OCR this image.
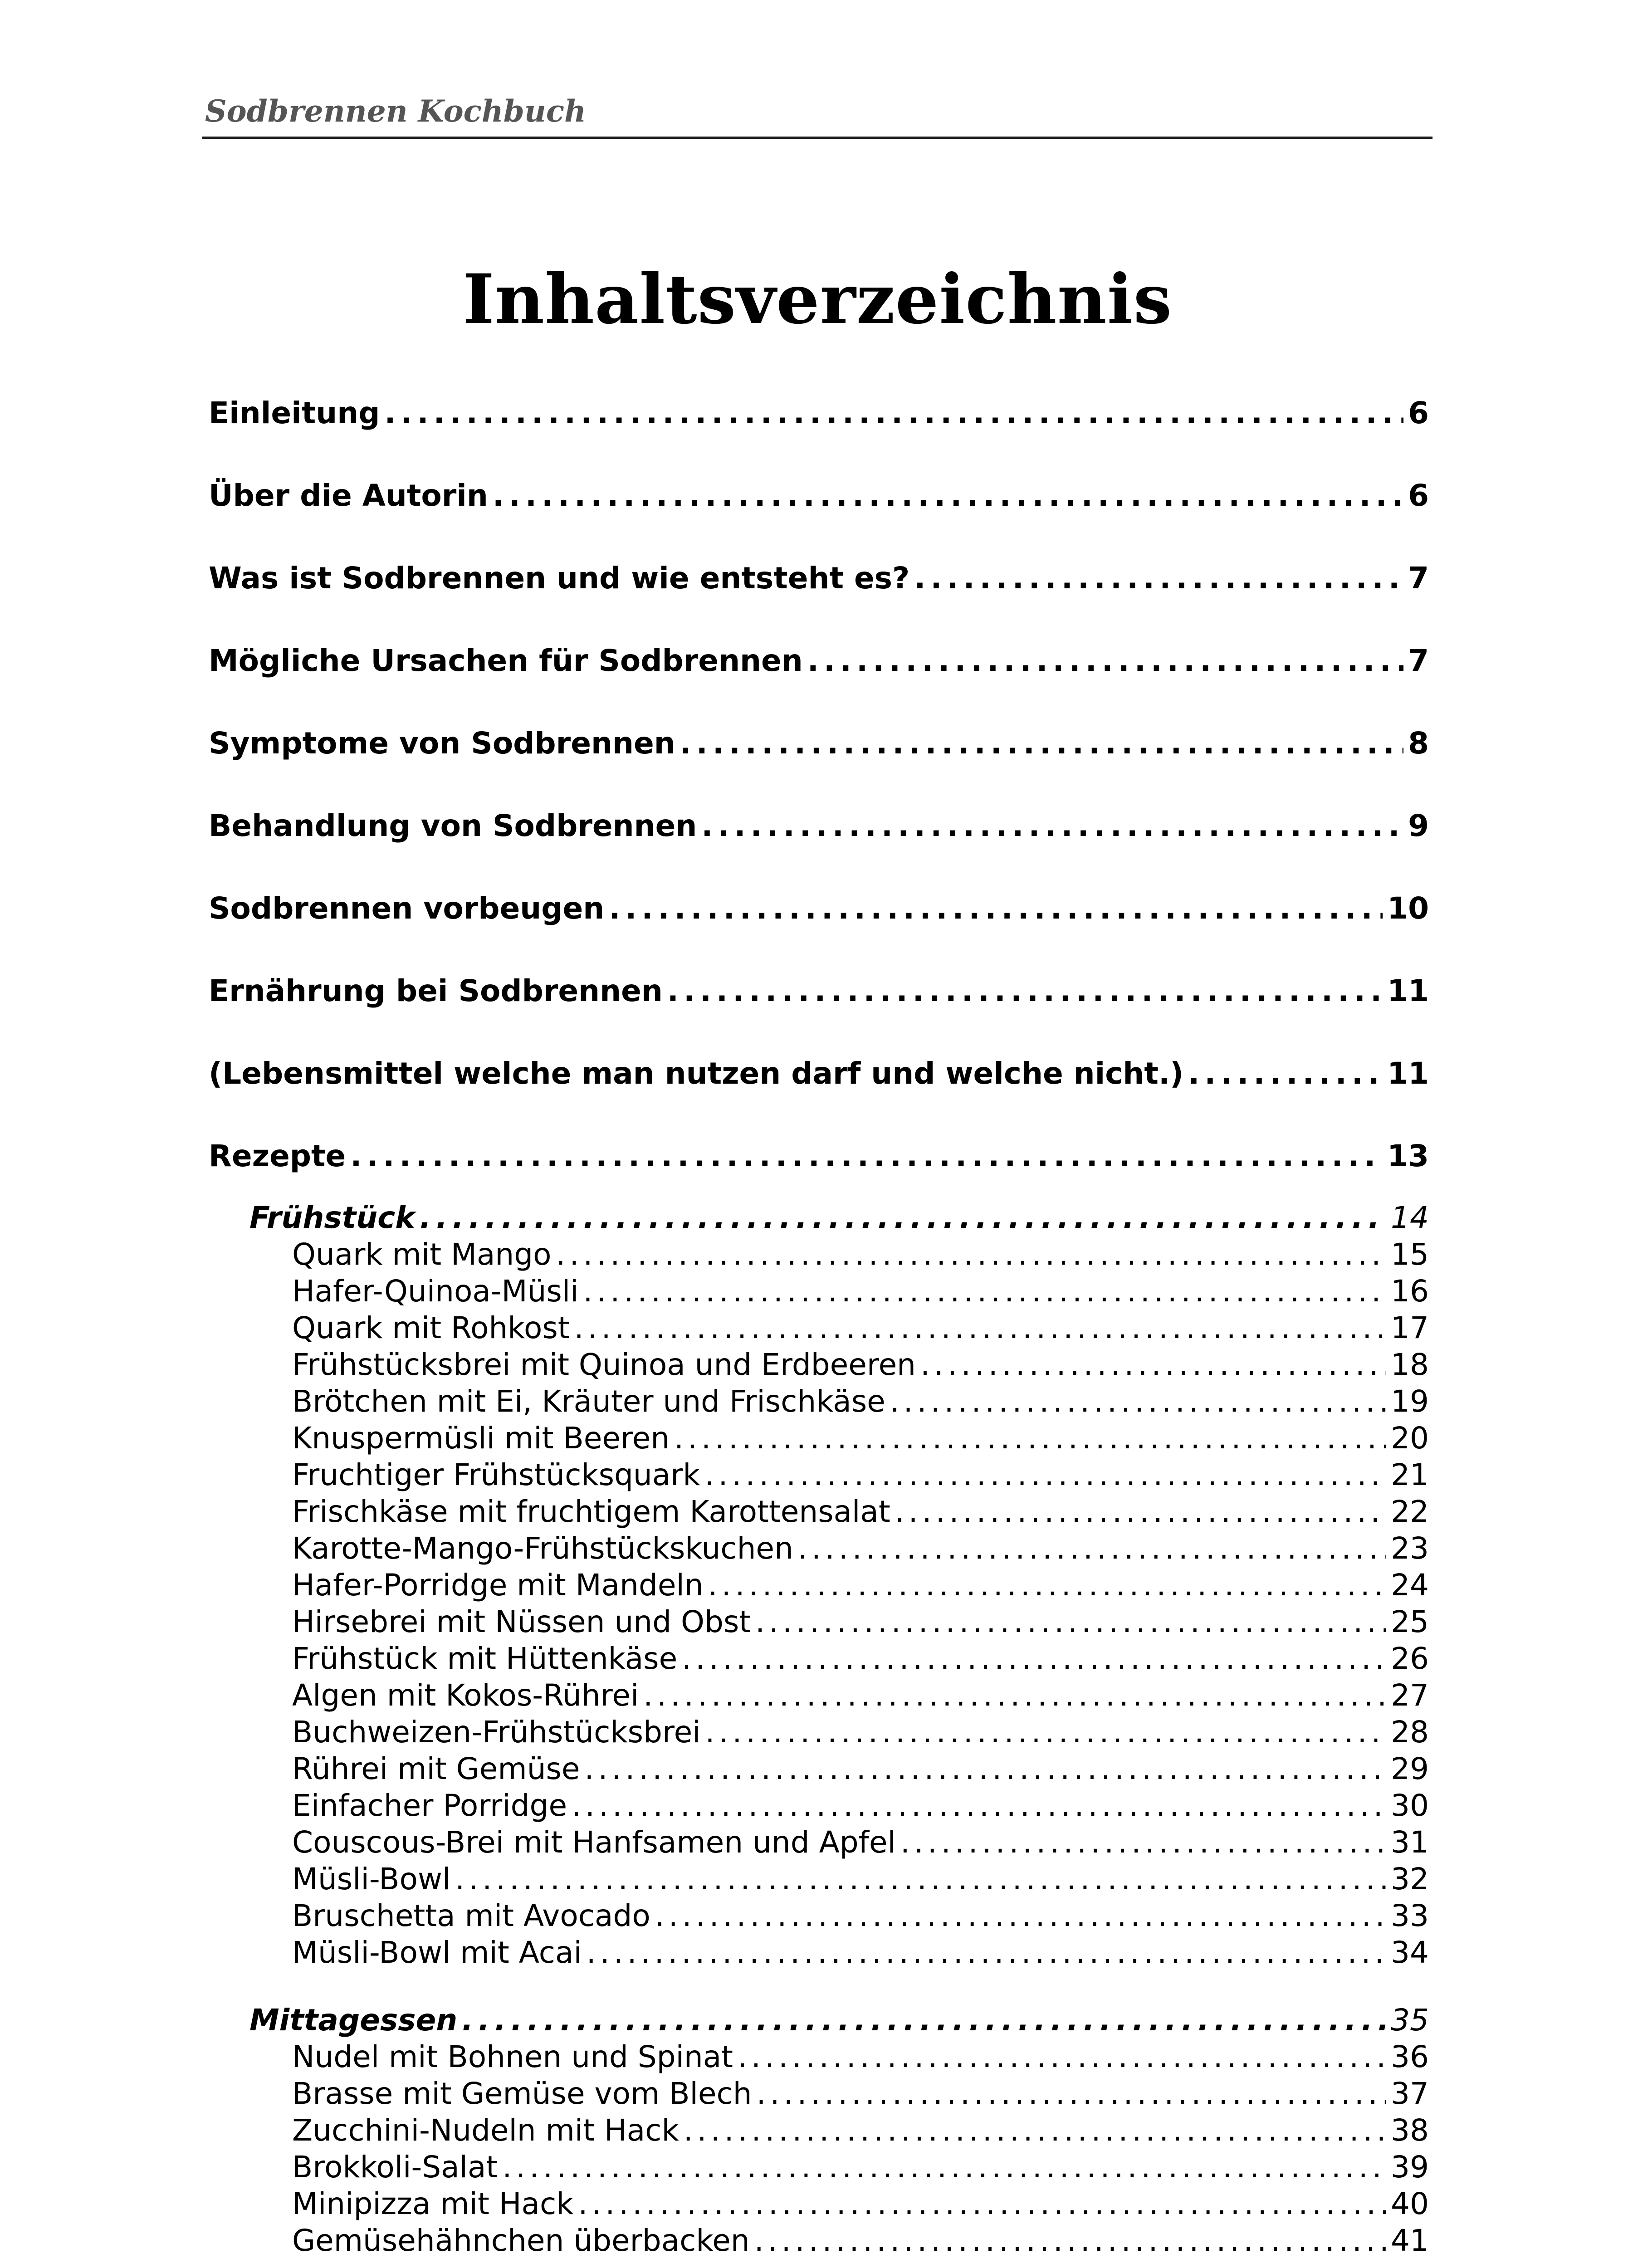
Sodbrennen Kochbuch
Inhaltsverzeichnis
Einleitung . . .	6
Über die Autorin . . .	6
Was ist Sodbrennen und wie entsteht es? . . .	7
Mögliche Ursachen für Sodbrennen . . .	7
Symptome von Sodbrennen . . .	8
Behandlung von Sodbrennen . . .	9
Sodbrennen vorbeugen . . .	10
Ernährung bei Sodbrennen . . .	11
(Lebensmittel welche man nutzen darf und welche nicht.) . . .	11
Rezepte . . .	13
Frühstück . . .	14
Quark mit Mango . . .	15
Hafer-Quinoa-Müsli . . .	16
Quark mit Rohkost . . .	17
Frühstücksbrei mit Quinoa und Erdbeeren . . .	18
Brötchen mit Ei, Kräuter und Frischkäse . . .	19
Knuspermüsli mit Beeren . . .	20
Fruchtiger Frühstücksquark . . .	21
Frischkäse mit fruchtigem Karottensalat . . .	22
Karotte-Mango-Frühstückskuchen . . .	23
Hafer-Porridge mit Mandeln . . .	24
Hirsebrei mit Nüssen und Obst . . .	25
Frühstück mit Hüttenkäse . . .	26
Algen mit Kokos-Rührei . . .	27
Buchweizen-Frühstücksbrei . . .	28
Rührei mit Gemüse . . .	29
Einfacher Porridge . . .	30
Couscous-Brei mit Hanfsamen und Apfel . . .	31
Müsli-Bowl . . .	32
Bruschetta mit Avocado . . .	33
Müsli-Bowl mit Acai . . .	34
Mittagessen . . .	35
Nudel mit Bohnen und Spinat . . .	36
Brasse mit Gemüse vom Blech . . .	37
Zucchini-Nudeln mit Hack . . .	38
Brokkoli-Salat . . .	39
Minipizza mit Hack . . .	40
Gemüsehähnchen überbacken . . .	41
